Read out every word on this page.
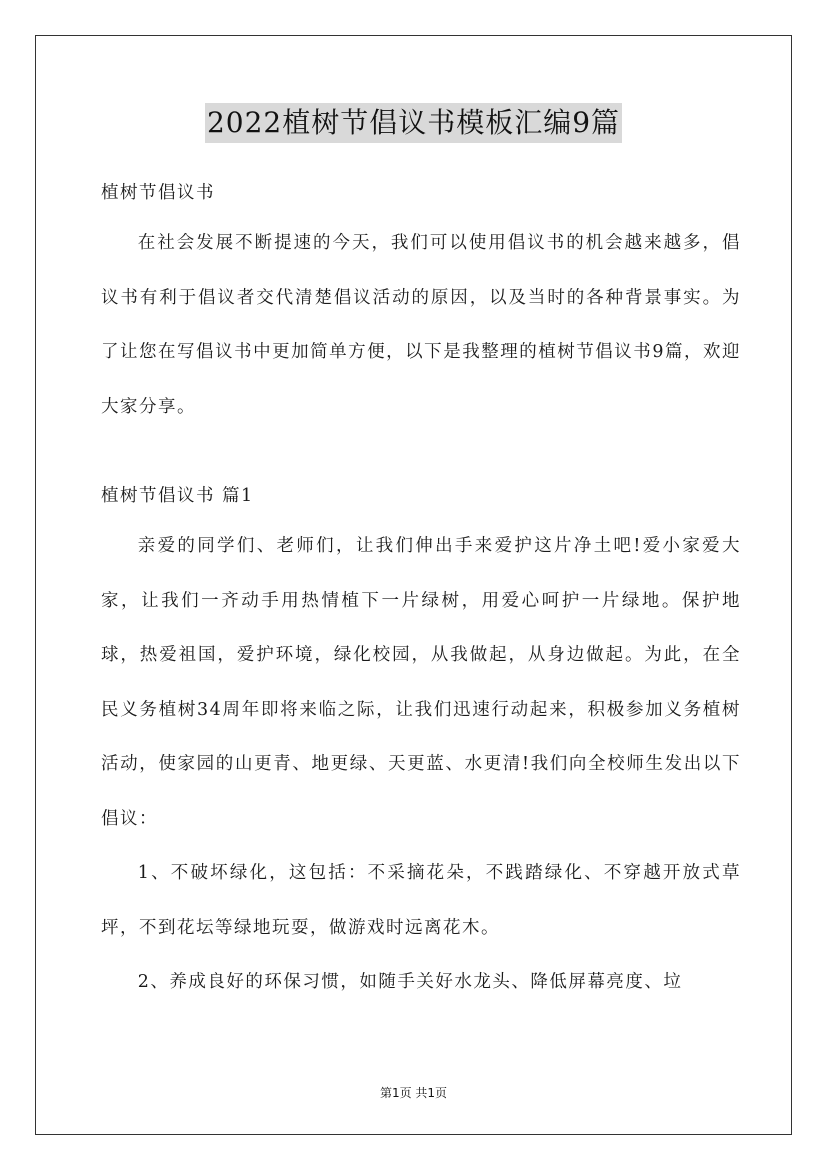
2022植树节倡议书模板汇编9篇

植树节倡议书

在社会发展不断提速的今天，我们可以使用倡议书的机会越来越多，倡议书有利于倡议者交代清楚倡议活动的原因，以及当时的各种背景事实。为了让您在写倡议书中更加简单方便，以下是我整理的植树节倡议书9篇，欢迎大家分享。

植树节倡议书 篇1

亲爱的同学们、老师们，让我们伸出手来爱护这片净土吧!爱小家爱大家，让我们一齐动手用热情植下一片绿树，用爱心呵护一片绿地。保护地球，热爱祖国，爱护环境，绿化校园，从我做起，从身边做起。为此，在全民义务植树34周年即将来临之际，让我们迅速行动起来，积极参加义务植树活动，使家园的山更青、地更绿、天更蓝、水更清!我们向全校师生发出以下倡议：

1、不破坏绿化，这包括：不采摘花朵，不践踏绿化、不穿越开放式草坪，不到花坛等绿地玩耍，做游戏时远离花木。

2、养成良好的环保习惯，如随手关好水龙头、降低屏幕亮度、垃

第1页 共1页
